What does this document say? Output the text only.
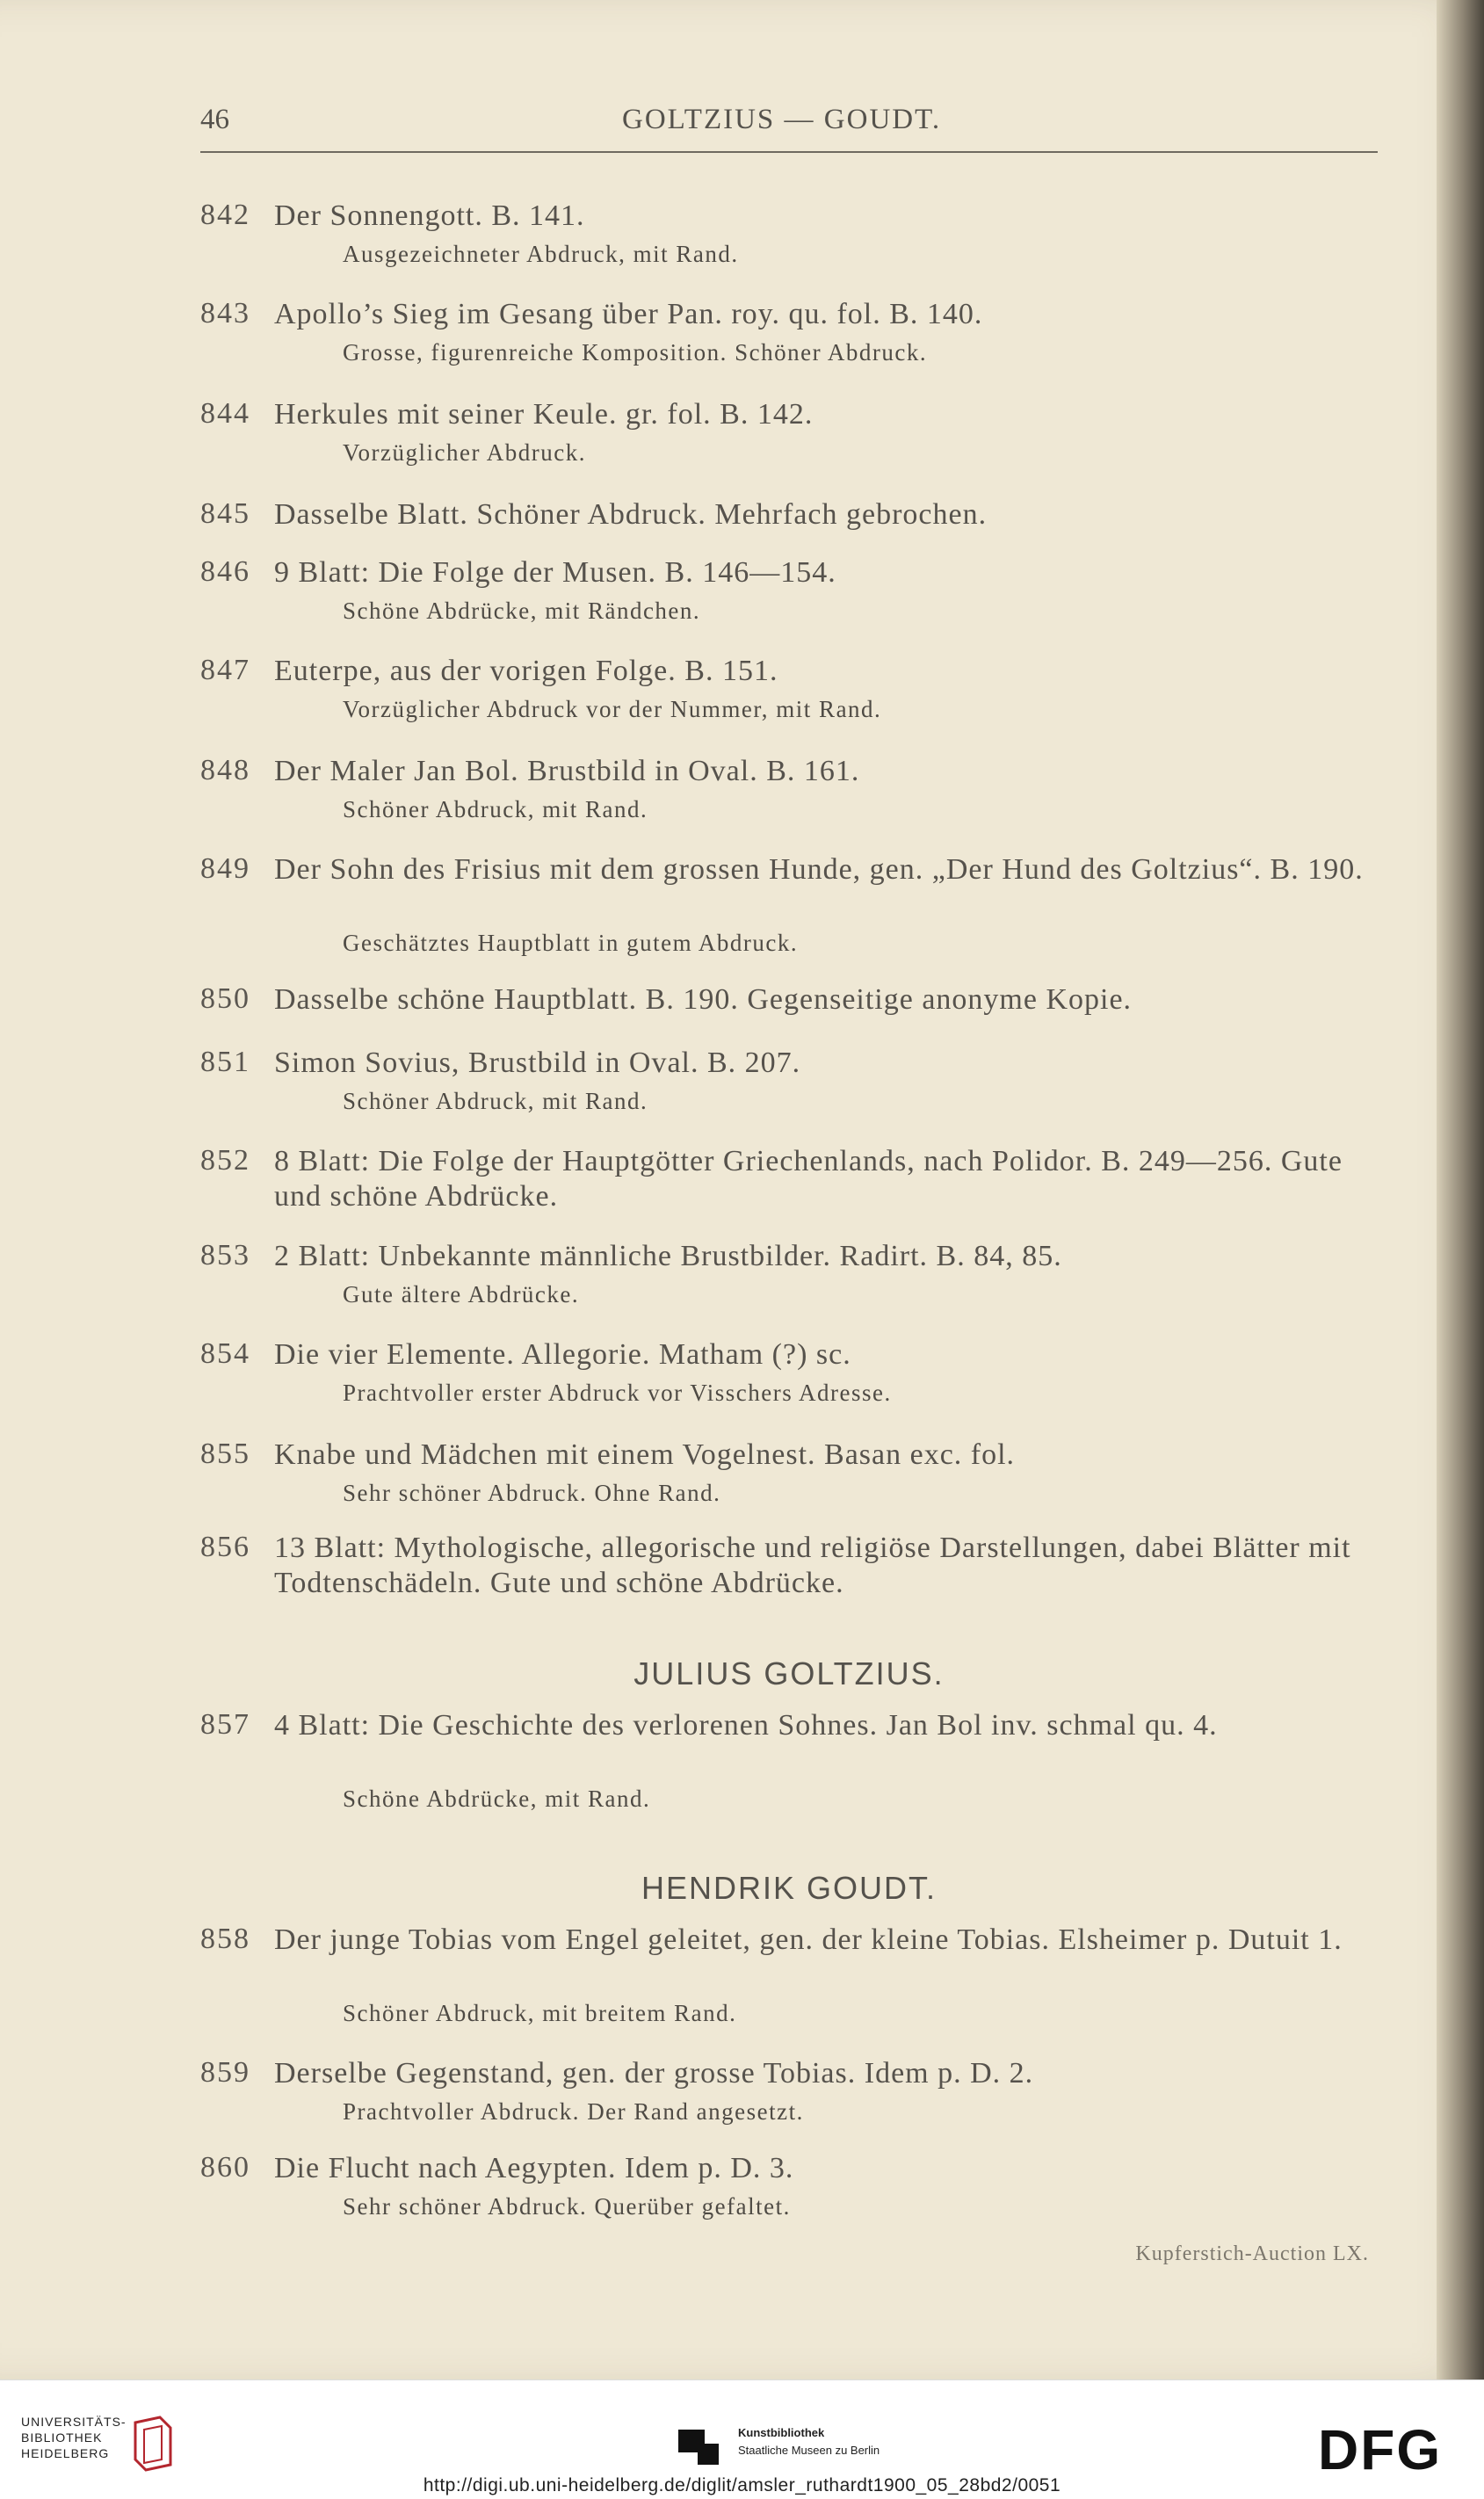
46	GOLTZIUS — GOUDT.
842 Der Sonnengott. B. 141.
Ausgezeichneter Abdruck, mit Rand.
843 Apollo’s Sieg im Gesang über Pan. roy. qu. fol. B. 140.
Grosse, figurenreiche Komposition. Schöner Abdruck.
844 Herkules mit seiner Keule. gr. fol. B. 142.
Vorzüglicher Abdruck.
845 Dasselbe Blatt. Schöner Abdruck. Mehrfach gebrochen.
846 9 Blatt: Die Folge der Musen. B. 146—154.
Schöne Abdrücke, mit Rändchen.
847 Euterpe, aus der vorigen Folge. B. 151.
Vorzüglicher Abdruck vor der Nummer, mit Rand.
848 Der Maler Jan Bol. Brustbild in Oval. B. 161.
Schöner Abdruck, mit Rand.
849 Der Sohn des Frisius mit dem grossen Hunde, gen. „Der Hund des Goltzius“. B. 190.
Geschätztes Hauptblatt in gutem Abdruck.
850 Dasselbe schöne Hauptblatt. B. 190. Gegenseitige anonyme Kopie.
851 Simon Sovius, Brustbild in Oval. B. 207.
Schöner Abdruck, mit Rand.
852 8 Blatt: Die Folge der Hauptgötter Griechenlands, nach Polidor. B. 249—256. Gute und schöne Abdrücke.
853 2 Blatt: Unbekannte männliche Brustbilder. Radirt. B. 84, 85.
Gute ältere Abdrücke.
854 Die vier Elemente. Allegorie. Matham (?) sc.
Prachtvoller erster Abdruck vor Visschers Adresse.
855 Knabe und Mädchen mit einem Vogelnest. Basan exc. fol.
Sehr schöner Abdruck. Ohne Rand.
856 13 Blatt: Mythologische, allegorische und religiöse Darstellungen, dabei Blätter mit Todtenschädeln. Gute und schöne Abdrücke.
JULIUS GOLTZIUS.
857 4 Blatt: Die Geschichte des verlorenen Sohnes. Jan Bol inv. schmal qu. 4.
Schöne Abdrücke, mit Rand.
HENDRIK GOUDT.
858 Der junge Tobias vom Engel geleitet, gen. der kleine Tobias. Elsheimer p. Dutuit 1.
Schöner Abdruck, mit breitem Rand.
859 Derselbe Gegenstand, gen. der grosse Tobias. Idem p. D. 2.
Prachtvoller Abdruck. Der Rand angesetzt.
860 Die Flucht nach Aegypten. Idem p. D. 3.
Sehr schöner Abdruck. Querüber gefaltet.
Kupferstich-Auction LX.
UNIVERSITÄTS-
BIBLIOTHEK
HEIDELBERG
Kunstbibliothek
Staatliche Museen zu Berlin	DFG
http://digi.ub.uni-heidelberg.de/diglit/amsler_ruthardt1900_05_28bd2/0051
